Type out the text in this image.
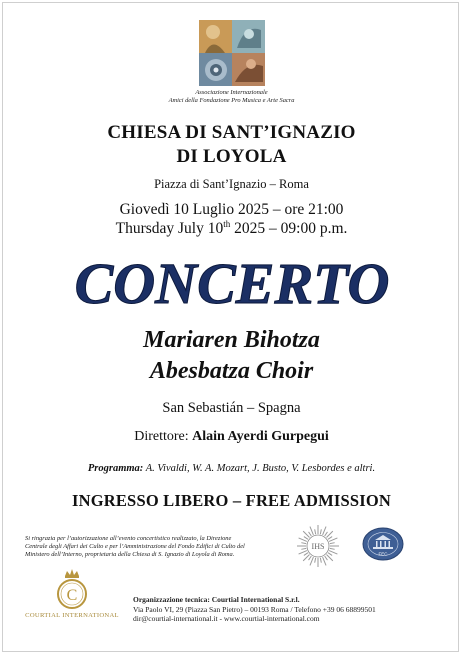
Associazione Internazionale
Amici della Fondazione Pro Musica e Arte Sacra
CHIESA DI SANT’IGNAZIO
DI LOYOLA
Piazza di Sant’Ignazio – Roma
Giovedì 10 Luglio 2025 – ore 21:00
Thursday July 10th 2025 – 09:00 p.m.
CONCERTO
Mariaren Bihotza
Abesbatza Choir
San Sebastián – Spagna
Direttore: Alain Ayerdi Gurpegui
Programma: A. Vivaldi, W. A. Mozart, J. Busto, V. Lesbordes e altri.
INGRESSO LIBERO – FREE ADMISSION
Si ringrazia per l’autorizzazione all’evento concertistico realizzato, la Direzione
Centrale degli Affari dei Culto e per l’Amministrazione del Fondo Edifici di Culto del
Ministero dell’Interno, proprietaria della Chiesa di S. Ignazio di Loyola di Roma.
IHS
FEC
C
COURTIAL INTERNATIONAL
Organizzazione tecnica: Courtial International S.r.l.
Via Paolo VI, 29 (Piazza San Pietro) – 00193 Roma / Telefono +39 06 68899501
dir@courtial-international.it - www.courtial-international.com
